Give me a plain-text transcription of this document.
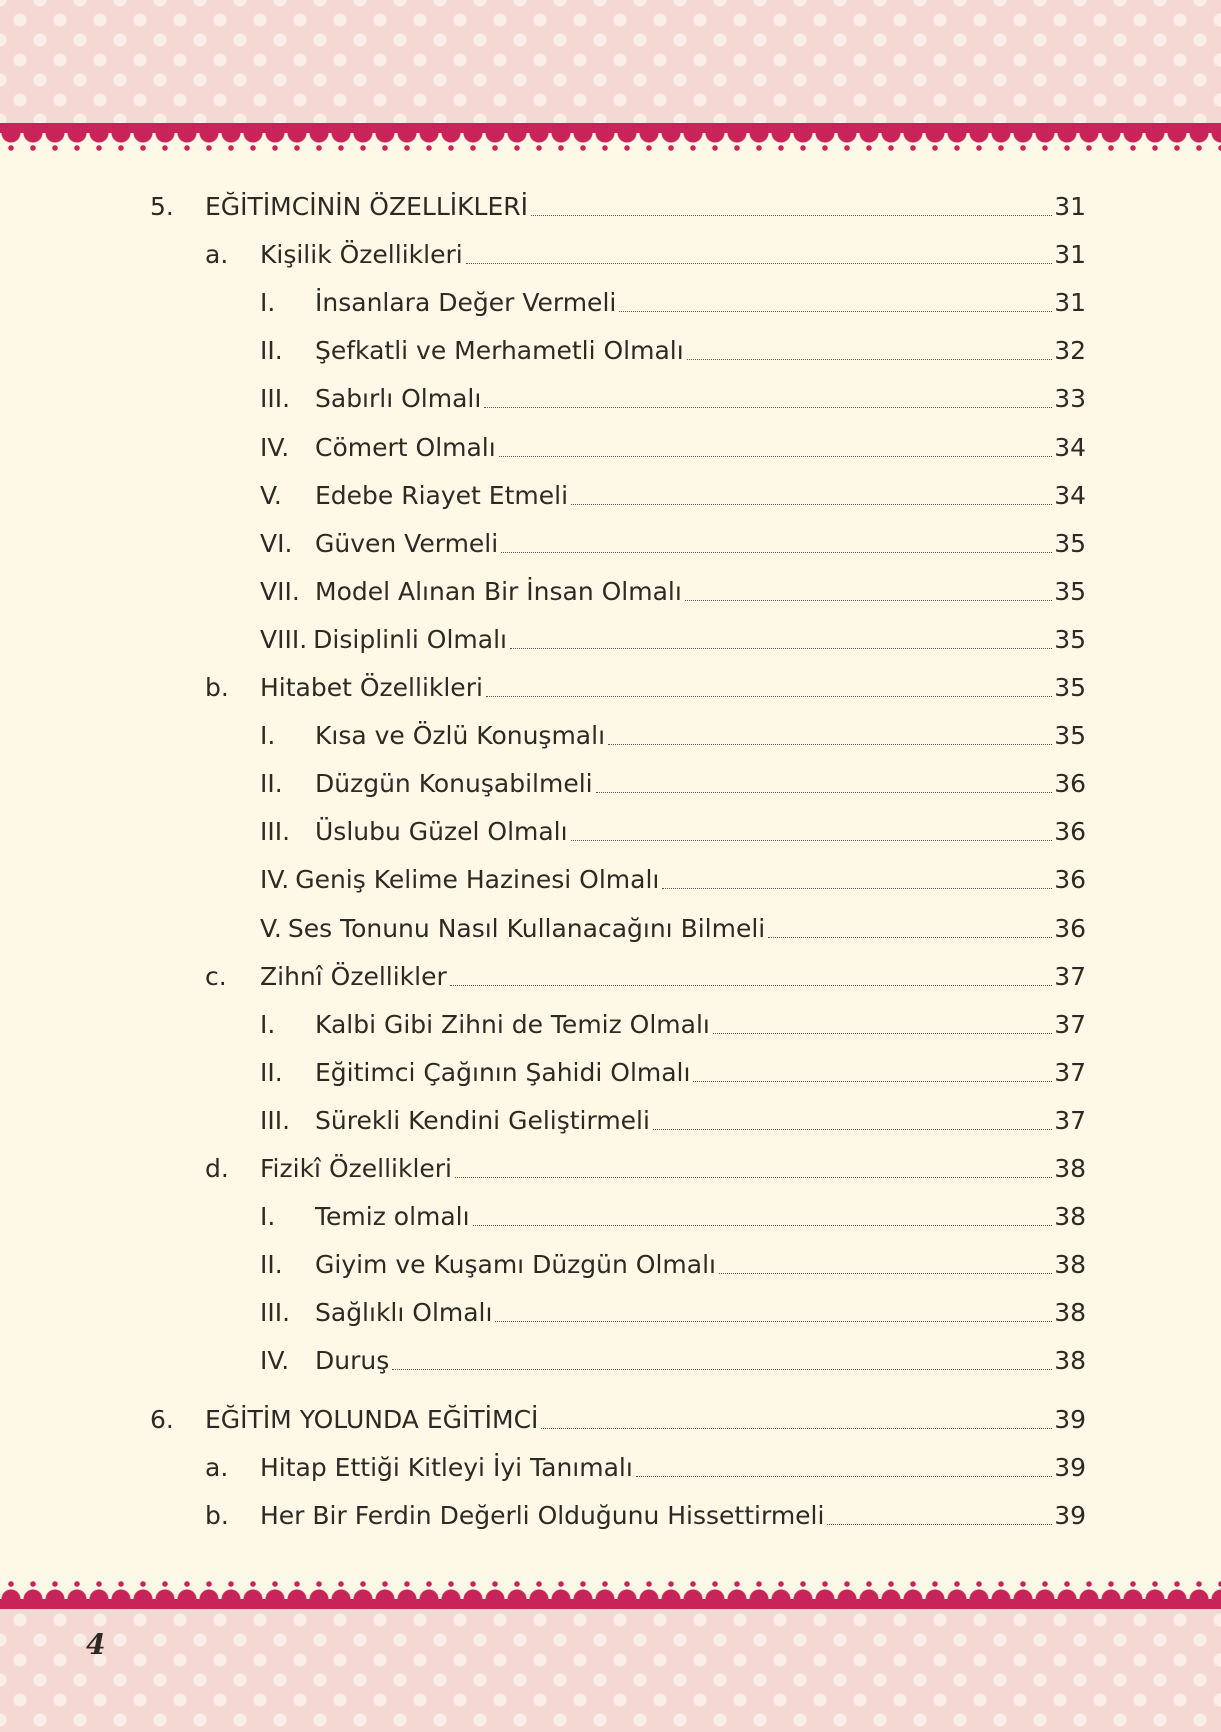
5.	EĞİTİMCİNİN ÖZELLİKLERİ	31
a.	Kişilik Özellikleri	31
I.	İnsanlara Değer Vermeli	31
II.	Şefkatli ve Merhametli Olmalı	32
III. Sabırlı Olmalı	33
IV.	Cömert Olmalı	34
V.	Edebe Riayet Etmeli	34
VI. Güven Vermeli	35
VII. Model Alınan Bir İnsan Olmalı	35
VIII. Disiplinli Olmalı	35
b.	Hitabet Özellikleri	35
I.	Kısa ve Özlü Konuşmalı	35
II.	Düzgün Konuşabilmeli	36
III. Üslubu Güzel Olmalı	36
IV. Geniş Kelime Hazinesi Olmalı	36
V. Ses Tonunu Nasıl Kullanacağını Bilmeli	36
c.	Zihnî Özellikler	37
I.	Kalbi Gibi Zihni de Temiz Olmalı	37
II.	Eğitimci Çağının Şahidi Olmalı	37
III. Sürekli Kendini Geliştirmeli	37
d.	Fizikî Özellikleri	38
I.	Temiz olmalı	38
II.	Giyim ve Kuşamı Düzgün Olmalı	38
III. Sağlıklı Olmalı	38
IV.	Duruş	38
6.	EĞİTİM YOLUNDA EĞİTİMCİ	39
a.	Hitap Ettiği Kitleyi İyi Tanımalı	39
b.	Her Bir Ferdin Değerli Olduğunu Hissettirmeli	39
4
